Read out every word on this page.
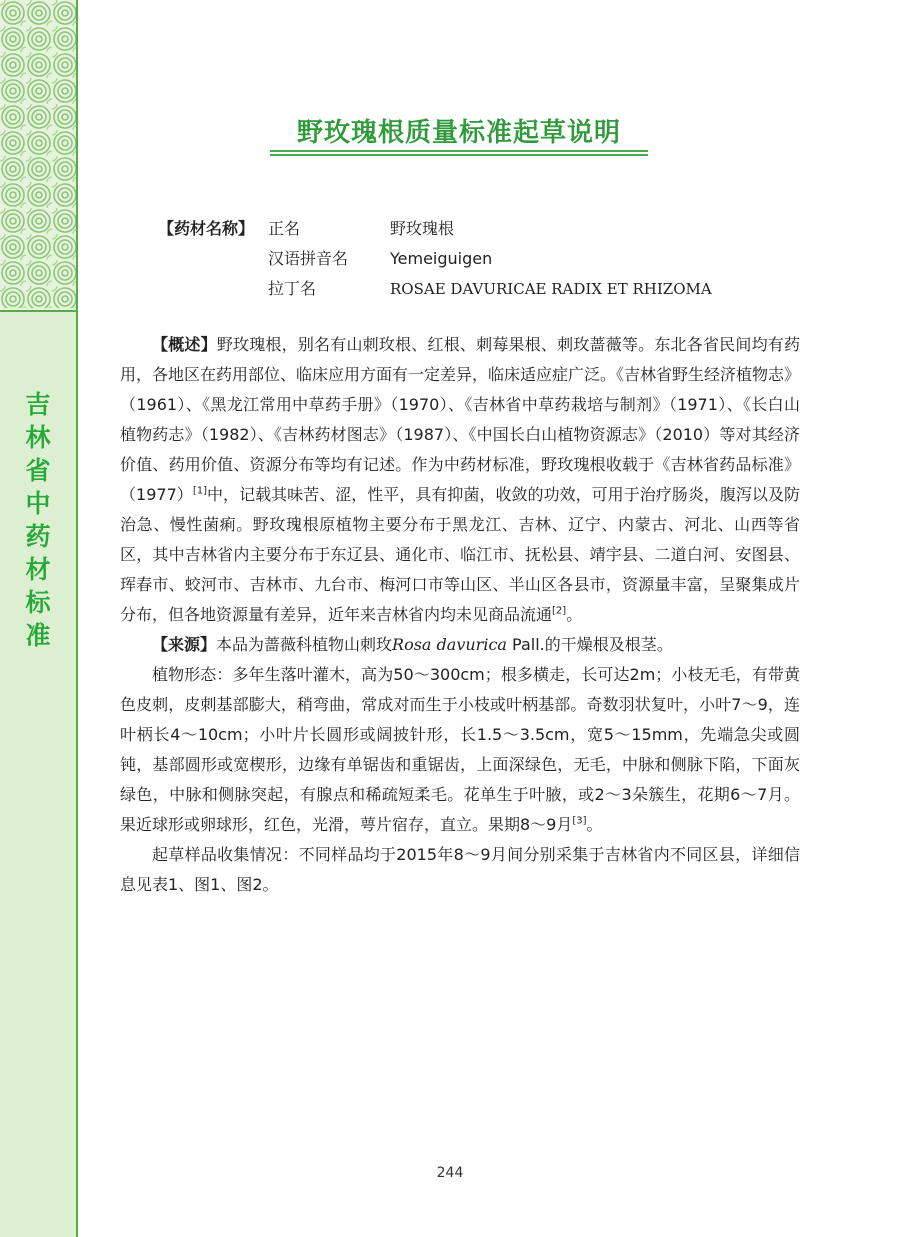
吉
林
省
中
药
材
标
准
野玫瑰根质量标准起草说明
【药材名称】 正名	野玫瑰根
汉语拼音名	Yemeiguigen
拉丁名	ROSAE DAVURICAE RADIX ET RHIZOMA

【概述】野玫瑰根，别名有山刺玫根、红根、刺莓果根、刺玫蔷薇等。东北各省民间均有药用，各地区在药用部位、临床应用方面有一定差异，临床适应症广泛。《吉林省野生经济植物志》（1961）、《黑龙江常用中草药手册》（1970）、《吉林省中草药栽培与制剂》（1971）、《长白山植物药志》（1982）、《吉林药材图志》（1987）、《中国长白山植物资源志》（2010）等对其经济价值、药用价值、资源分布等均有记述。作为中药材标准，野玫瑰根收载于《吉林省药品标准》（1977）[1]中，记载其味苦、涩，性平，具有抑菌，收敛的功效，可用于治疗肠炎，腹泻以及防治急、慢性菌痢。野玫瑰根原植物主要分布于黑龙江、吉林、辽宁、内蒙古、河北、山西等省区，其中吉林省内主要分布于东辽县、通化市、临江市、抚松县、靖宇县、二道白河、安图县、珲春市、蛟河市、吉林市、九台市、梅河口市等山区、半山区各县市，资源量丰富，呈聚集成片分布，但各地资源量有差异，近年来吉林省内均未见商品流通[2]。

【来源】本品为蔷薇科植物山刺玫Rosa davurica Pall.的干燥根及根茎。

植物形态：多年生落叶灌木，高为50～300cm；根多横走，长可达2m；小枝无毛，有带黄色皮刺，皮刺基部膨大，稍弯曲，常成对而生于小枝或叶柄基部。奇数羽状复叶，小叶7～9，连叶柄长4～10cm；小叶片长圆形或阔披针形，长1.5～3.5cm，宽5～15mm，先端急尖或圆钝，基部圆形或宽楔形，边缘有单锯齿和重锯齿，上面深绿色，无毛，中脉和侧脉下陷，下面灰绿色，中脉和侧脉突起，有腺点和稀疏短柔毛。花单生于叶腋，或2～3朵簇生，花期6～7月。果近球形或卵球形，红色，光滑，萼片宿存，直立。果期8～9月[3]。

起草样品收集情况：不同样品均于2015年8～9月间分别采集于吉林省内不同区县，详细信息见表1、图1、图2。

244
